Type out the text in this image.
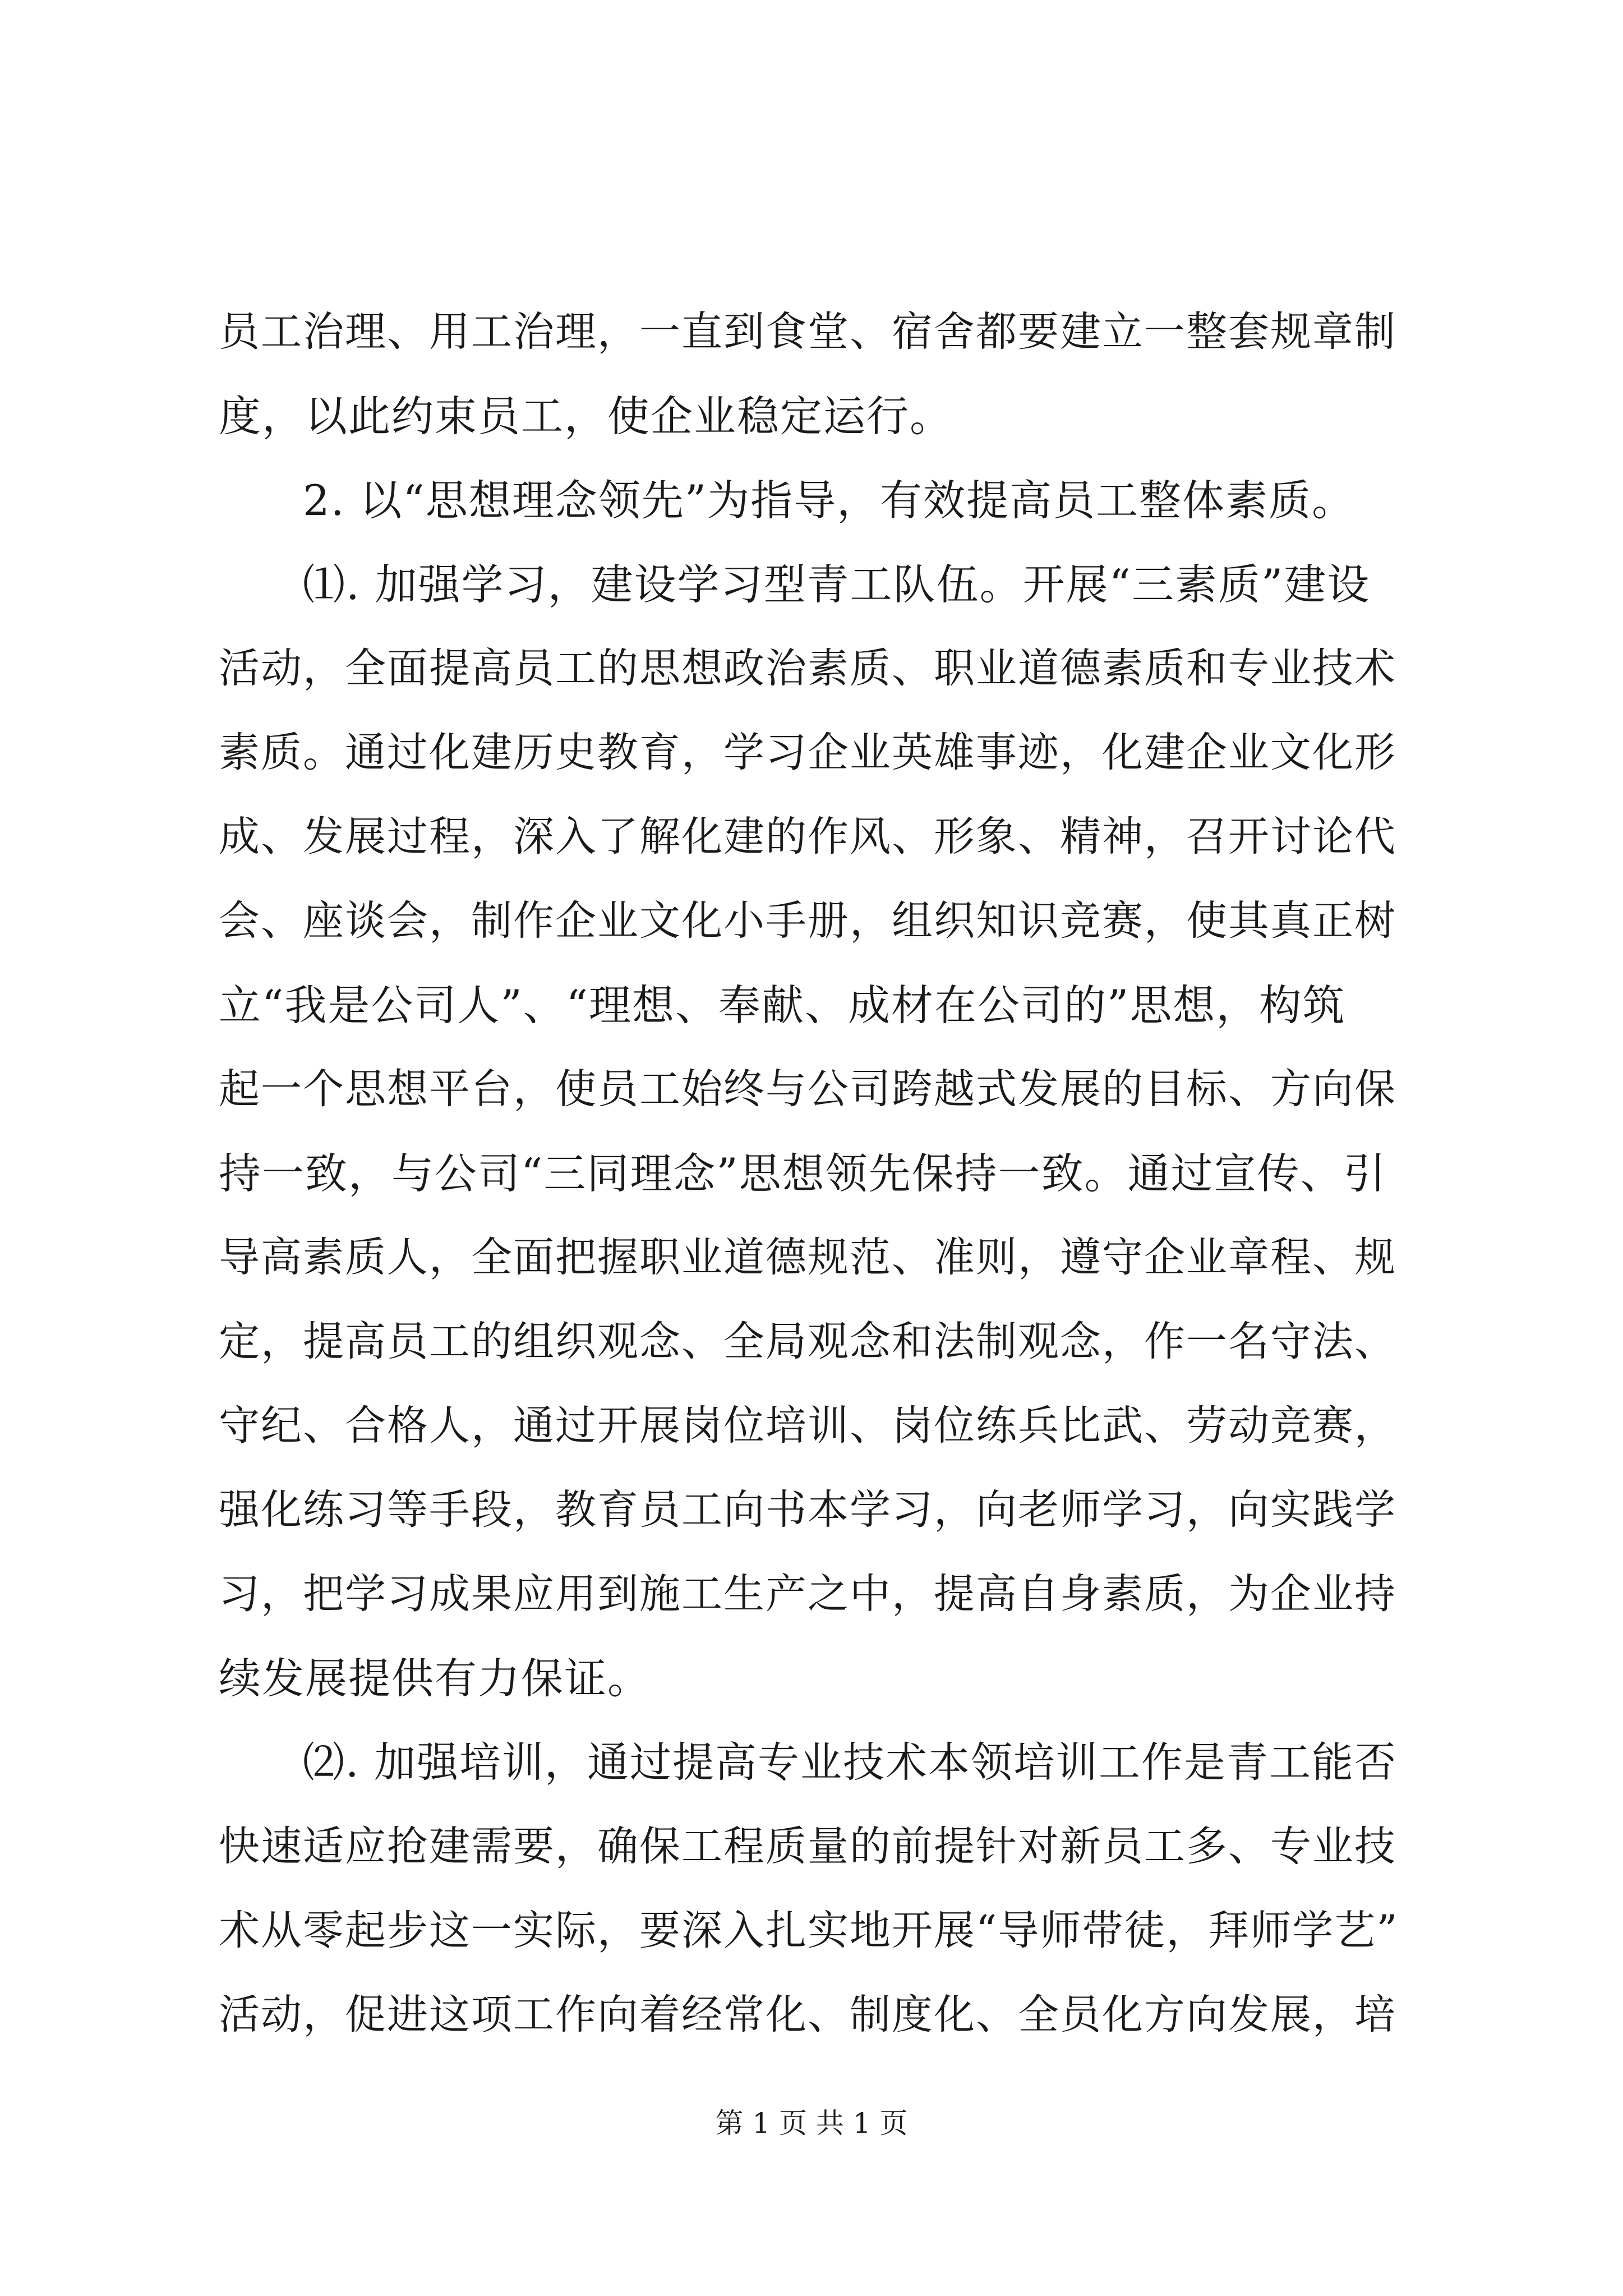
员工治理、用工治理，一直到食堂、宿舍都要建立一整套规章制
度，以此约束员工，使企业稳定运行。
2. 以“思想理念领先”为指导，有效提高员工整体素质。
⑴. 加强学习，建设学习型青工队伍。开展“三素质”建设
活动，全面提高员工的思想政治素质、职业道德素质和专业技术
素质。通过化建历史教育，学习企业英雄事迹，化建企业文化形
成、发展过程，深入了解化建的作风、形象、精神，召开讨论代
会、座谈会，制作企业文化小手册，组织知识竞赛，使其真正树
立“我是公司人”、“理想、奉献、成材在公司的”思想，构筑
起一个思想平台，使员工始终与公司跨越式发展的目标、方向保
持一致，与公司“三同理念”思想领先保持一致。通过宣传、引
导高素质人，全面把握职业道德规范、准则，遵守企业章程、规
定，提高员工的组织观念、全局观念和法制观念，作一名守法、
守纪、合格人，通过开展岗位培训、岗位练兵比武、劳动竞赛，
强化练习等手段，教育员工向书本学习，向老师学习，向实践学
习，把学习成果应用到施工生产之中，提高自身素质，为企业持
续发展提供有力保证。
⑵. 加强培训，通过提高专业技术本领培训工作是青工能否
快速适应抢建需要，确保工程质量的前提针对新员工多、专业技
术从零起步这一实际，要深入扎实地开展“导师带徒，拜师学艺”
活动，促进这项工作向着经常化、制度化、全员化方向发展，培
第 1 页 共 1 页
